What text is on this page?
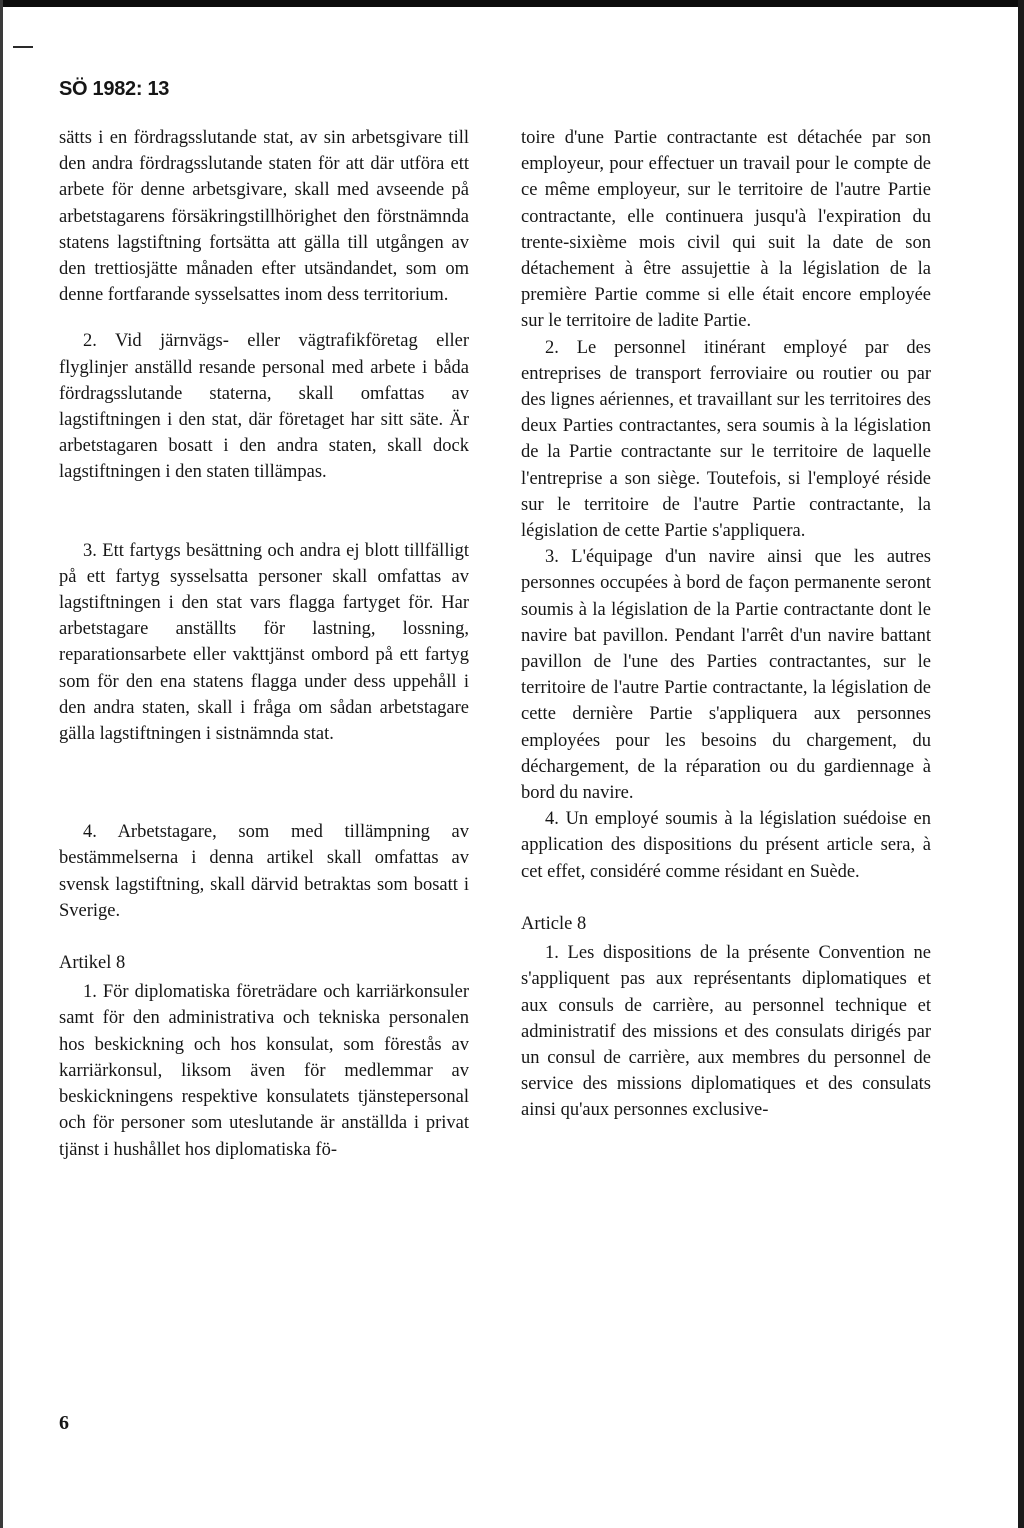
SÖ 1982: 13

sätts i en fördragsslutande stat, av sin arbetsgivare till den andra fördragsslutande staten för att där utföra ett arbete för denne arbetsgivare, skall med avseende på arbetstagarens försäkringstillhörighet den förstnämnda statens lagstiftning fortsätta att gälla till utgången av den trettiosjätte månaden efter utsändandet, som om denne fortfarande sysselsattes inom dess territorium.

2. Vid järnvägs- eller vägtrafikföretag eller flyglinjer anställd resande personal med arbete i båda fördragsslutande staterna, skall omfattas av lagstiftningen i den stat, där företaget har sitt säte. Är arbetstagaren bosatt i den andra staten, skall dock lagstiftningen i den staten tillämpas.

3. Ett fartygs besättning och andra ej blott tillfälligt på ett fartyg sysselsatta personer skall omfattas av lagstiftningen i den stat vars flagga fartyget för. Har arbetstagare anställts för lastning, lossning, reparationsarbete eller vakttjänst ombord på ett fartyg som för den ena statens flagga under dess uppehåll i den andra staten, skall i fråga om sådan arbetstagare gälla lagstiftningen i sistnämnda stat.

4. Arbetstagare, som med tillämpning av bestämmelserna i denna artikel skall omfattas av svensk lagstiftning, skall därvid betraktas som bosatt i Sverige.

Artikel 8

1. För diplomatiska företrädare och karriärkonsuler samt för den administrativa och tekniska personalen hos beskickning och hos konsulat, som förestås av karriärkonsul, liksom även för medlemmar av beskickningens respektive konsulatets tjänstepersonal och för personer som uteslutande är anställda i privat tjänst i hushållet hos diplomatiska fö-

toire d'une Partie contractante est détachée par son employeur, pour effectuer un travail pour le compte de ce même employeur, sur le territoire de l'autre Partie contractante, elle continuera jusqu'à l'expiration du trente-sixième mois civil qui suit la date de son détachement à être assujettie à la législation de la première Partie comme si elle était encore employée sur le territoire de ladite Partie.

2. Le personnel itinérant employé par des entreprises de transport ferroviaire ou routier ou par des lignes aériennes, et travaillant sur les territoires des deux Parties contractantes, sera soumis à la législation de la Partie contractante sur le territoire de laquelle l'entreprise a son siège. Toutefois, si l'employé réside sur le territoire de l'autre Partie contractante, la législation de cette Partie s'appliquera.

3. L'équipage d'un navire ainsi que les autres personnes occupées à bord de façon permanente seront soumis à la législation de la Partie contractante dont le navire bat pavillon. Pendant l'arrêt d'un navire battant pavillon de l'une des Parties contractantes, sur le territoire de l'autre Partie contractante, la législation de cette dernière Partie s'appliquera aux personnes employées pour les besoins du chargement, du déchargement, de la réparation ou du gardiennage à bord du navire.

4. Un employé soumis à la législation suédoise en application des dispositions du présent article sera, à cet effet, considéré comme résidant en Suède.

Article 8

1. Les dispositions de la présente Convention ne s'appliquent pas aux représentants diplomatiques et aux consuls de carrière, au personnel technique et administratif des missions et des consulats dirigés par un consul de carrière, aux membres du personnel de service des missions diplomatiques et des consulats ainsi qu'aux personnes exclusive-

6
